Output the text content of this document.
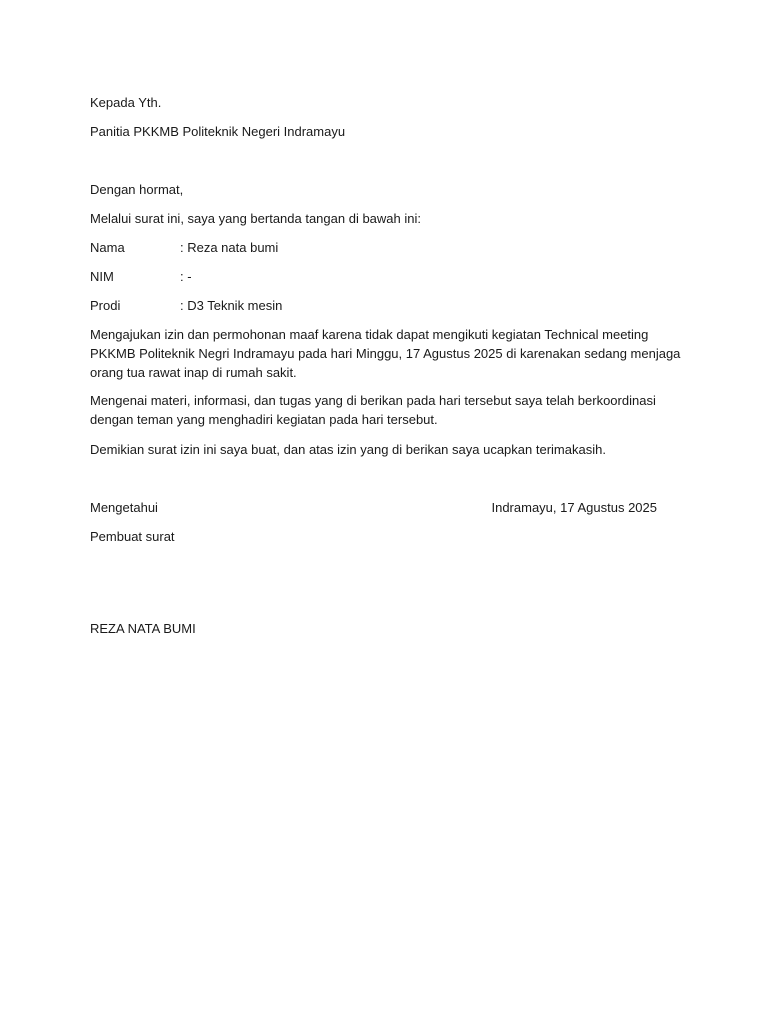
Kepada Yth.
Panitia PKKMB Politeknik Negeri Indramayu
Dengan hormat,
Melalui surat ini, saya yang bertanda tangan di bawah ini:
Nama	: Reza nata bumi
NIM	: -
Prodi	: D3 Teknik mesin
Mengajukan izin dan permohonan maaf karena tidak dapat mengikuti kegiatan Technical meeting
PKKMB Politeknik Negri Indramayu pada hari Minggu, 17 Agustus 2025 di karenakan sedang menjaga
orang tua rawat inap di rumah sakit.
Mengenai materi, informasi, dan tugas yang di berikan pada hari tersebut saya telah berkoordinasi
dengan teman yang menghadiri kegiatan pada hari tersebut.
Demikian surat izin ini saya buat, dan atas izin yang di berikan saya ucapkan terimakasih.
Mengetahui	Indramayu, 17 Agustus 2025
Pembuat surat
REZA NATA BUMI
